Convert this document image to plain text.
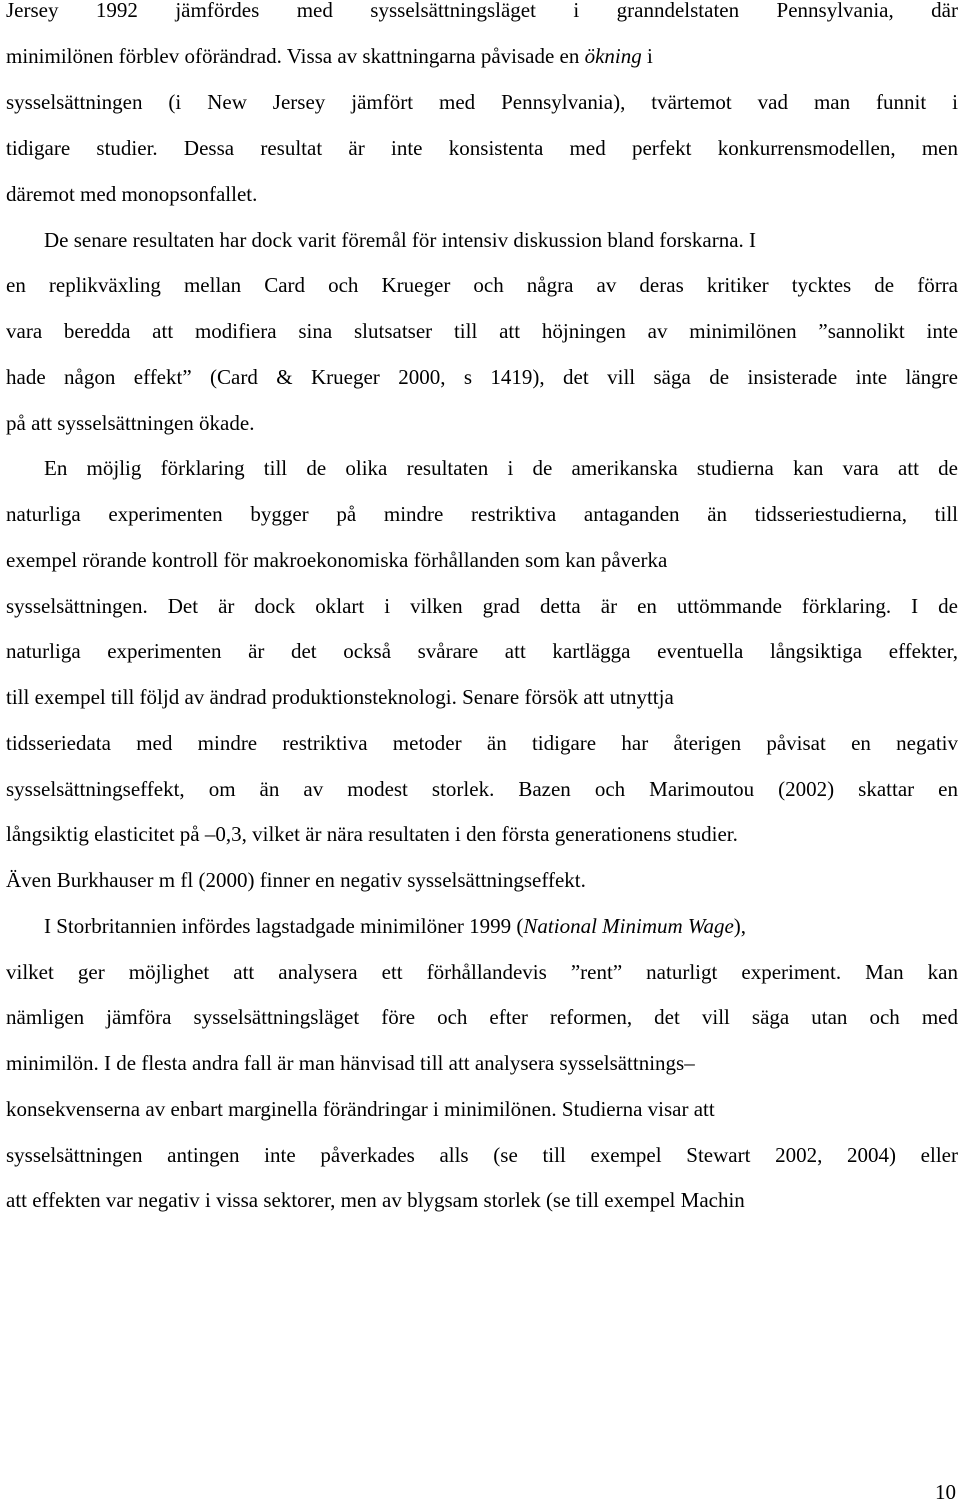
Jersey 1992 jämfördes med sysselsättningsläget i granndelstaten Pennsylvania, där
minimilönen förblev oförändrad. Vissa av skattningarna påvisade en ökning i
sysselsättningen (i New Jersey jämfört med Pennsylvania), tvärtemot vad man funnit i
tidigare studier. Dessa resultat är inte konsistenta med perfekt konkurrensmodellen, men
däremot med monopsonfallet.
De senare resultaten har dock varit föremål för intensiv diskussion bland forskarna. I
en replikväxling mellan Card och Krueger och några av deras kritiker tycktes de förra
vara beredda att modifiera sina slutsatser till att höjningen av minimilönen ”sannolikt inte
hade någon effekt” (Card & Krueger 2000, s 1419), det vill säga de insisterade inte längre
på att sysselsättningen ökade.
En möjlig förklaring till de olika resultaten i de amerikanska studierna kan vara att de
naturliga experimenten bygger på mindre restriktiva antaganden än tidsseriestudierna, till
exempel rörande kontroll för makroekonomiska förhållanden som kan påverka
sysselsättningen. Det är dock oklart i vilken grad detta är en uttömmande förklaring. I de
naturliga experimenten är det också svårare att kartlägga eventuella långsiktiga effekter,
till exempel till följd av ändrad produktionsteknologi. Senare försök att utnyttja
tidsseriedata med mindre restriktiva metoder än tidigare har återigen påvisat en negativ
sysselsättningseffekt, om än av modest storlek. Bazen och Marimoutou (2002) skattar en
långsiktig elasticitet på –0,3, vilket är nära resultaten i den första generationens studier.
Även Burkhauser m fl (2000) finner en negativ sysselsättningseffekt.
I Storbritannien infördes lagstadgade minimilöner 1999 (National Minimum Wage),
vilket ger möjlighet att analysera ett förhållandevis ”rent” naturligt experiment. Man kan
nämligen jämföra sysselsättningsläget före och efter reformen, det vill säga utan och med
minimilön. I de flesta andra fall är man hänvisad till att analysera sysselsättnings–
konsekvenserna av enbart marginella förändringar i minimilönen. Studierna visar att
sysselsättningen antingen inte påverkades alls (se till exempel Stewart 2002, 2004) eller
att effekten var negativ i vissa sektorer, men av blygsam storlek (se till exempel Machin
10
